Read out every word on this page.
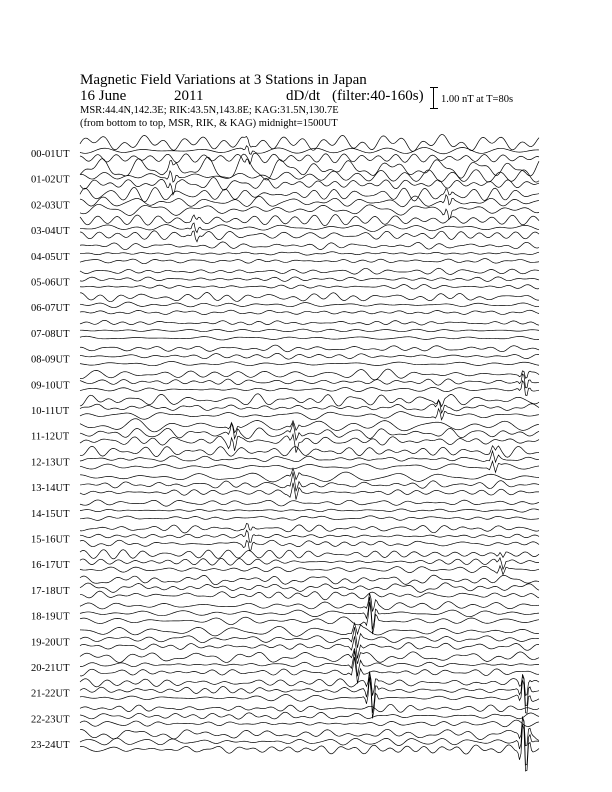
Magnetic Field Variations at 3 Stations in Japan
16 June	2011	dD/dt (filter:40-160s)
MSR:44.4N,142.3E; RIK:43.5N,143.8E; KAG:31.5N,130.7E
(from bottom to top, MSR, RIK, & KAG) midnight=1500UT
1.00 nT at T=80s
00-01UT
01-02UT
02-03UT
03-04UT
04-05UT
05-06UT
06-07UT
07-08UT
08-09UT
09-10UT
10-11UT
11-12UT
12-13UT
13-14UT
14-15UT
15-16UT
16-17UT
17-18UT
18-19UT
19-20UT
20-21UT
21-22UT
22-23UT
23-24UT
